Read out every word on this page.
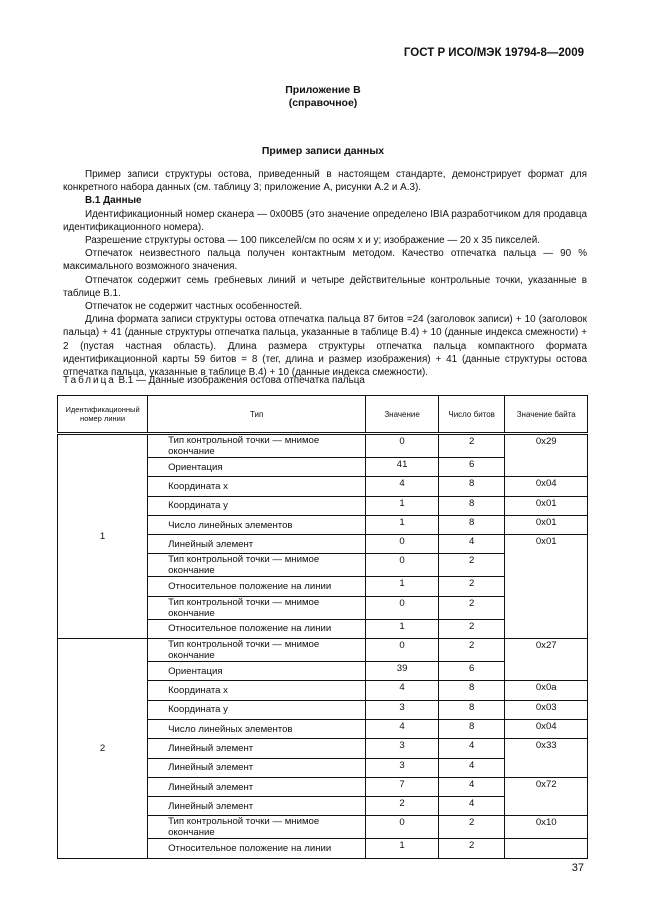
ГОСТ Р ИСО/МЭК 19794-8—2009
Приложение В
(справочное)
Пример записи данных

Пример записи структуры остова, приведенный в настоящем стандарте, демонстрирует формат для конкретного набора данных (см. таблицу 3; приложение А, рисунки А.2 и А.3).

В.1 Данные

Идентификационный номер сканера — 0x00B5 (это значение определено IBIA разработчиком для продавца идентификационного номера).

Разрешение структуры остова — 100 пикселей/см по осям x и y; изображение — 20 x 35 пикселей.

Отпечаток неизвестного пальца получен контактным методом. Качество отпечатка пальца — 90 % максимального возможного значения.

Отпечаток содержит семь гребневых линий и четыре действительные контрольные точки, указанные в таблице В.1.

Отпечаток не содержит частных особенностей.

Длина формата записи структуры остова отпечатка пальца 87 битов =24 (заголовок записи) + 10 (заголовок пальца) + 41 (данные структуры отпечатка пальца, указанные в таблице В.4) + 10 (данные индекса смежности) + 2 (пустая частная область). Длина размера структуры отпечатка пальца компактного формата идентификационной карты 59 битов = 8 (тег, длина и размер изображения) + 41 (данные структуры остова отпечатка пальца, указанные в таблице В.4) + 10 (данные индекса смежности).

Таблица В.1 — Данные изображения остова отпечатка пальца
Идентификационный номер линии	Тип	Значение	Число битов	Значение байта
1	Тип контрольной точки — мнимое окончание	0	2	0x29
	Ориентация	41	6	
	Координата x	4	8	0x04
	Координата y	1	8	0x01
	Число линейных элементов	1	8	0x01
	Линейный элемент	0	4	0x01
	Тип контрольной точки — мнимое окончание	0	2	
	Относительное положение на линии	1	2	
	Тип контрольной точки — мнимое окончание	0	2	
	Относительное положение на линии	1	2	
2	Тип контрольной точки — мнимое окончание	0	2	0x27
	Ориентация	39	6	
	Координата x	4	8	0x0a
	Координата y	3	8	0x03
	Число линейных элементов	4	8	0x04
	Линейный элемент	3	4	0x33
	Линейный элемент	3	4	
	Линейный элемент	7	4	0x72
	Линейный элемент	2	4	
	Тип контрольной точки — мнимое окончание	0	2	0x10
	Относительное положение на линии	1	2	
37
